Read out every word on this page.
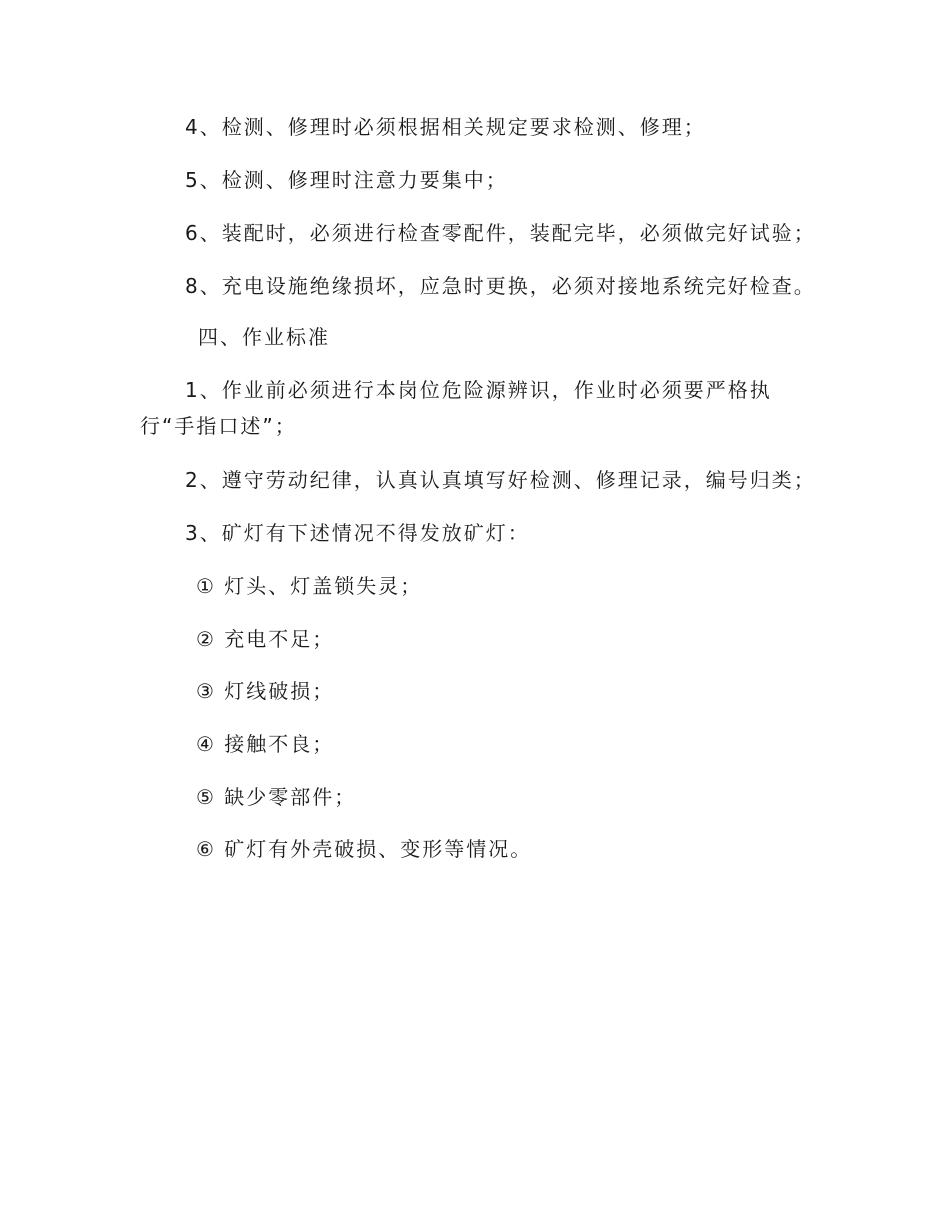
4、检测、修理时必须根据相关规定要求检测、修理；
5、检测、修理时注意力要集中；
6、装配时，必须进行检查零配件，装配完毕，必须做完好试验；
8、充电设施绝缘损坏，应急时更换，必须对接地系统完好检查。
四、作业标准
1、作业前必须进行本岗位危险源辨识，作业时必须要严格执
行“手指口述”；
2、遵守劳动纪律，认真认真填写好检测、修理记录，编号归类；
3、矿灯有下述情况不得发放矿灯：
① 灯头、灯盖锁失灵；
② 充电不足；
③ 灯线破损；
④ 接触不良；
⑤ 缺少零部件；
⑥ 矿灯有外壳破损、变形等情况。
